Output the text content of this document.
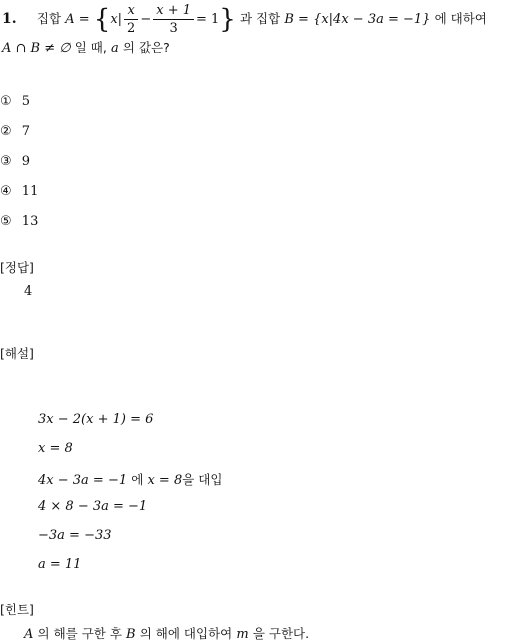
1. 집합 $A = \{x| \frac{x}{2} - \frac{x + 1}{3} = 1\}$ 과 집합 B = {x|4x − 3a = −1} 에 대하여
A ∩ B ≠ ∅ 일 때, a 의 값은?
① 5
② 7
③ 9
④ 11
⑤ 13
[정답]
4
[해설]
3x − 2(x + 1) = 6
x = 8
4x − 3a = −1 에 x = 8을 대입
4 × 8 − 3a = −1
−3a = −33
a = 11
[힌트]
A 의 해를 구한 후 B 의 해에 대입하여 m 을 구한다.
